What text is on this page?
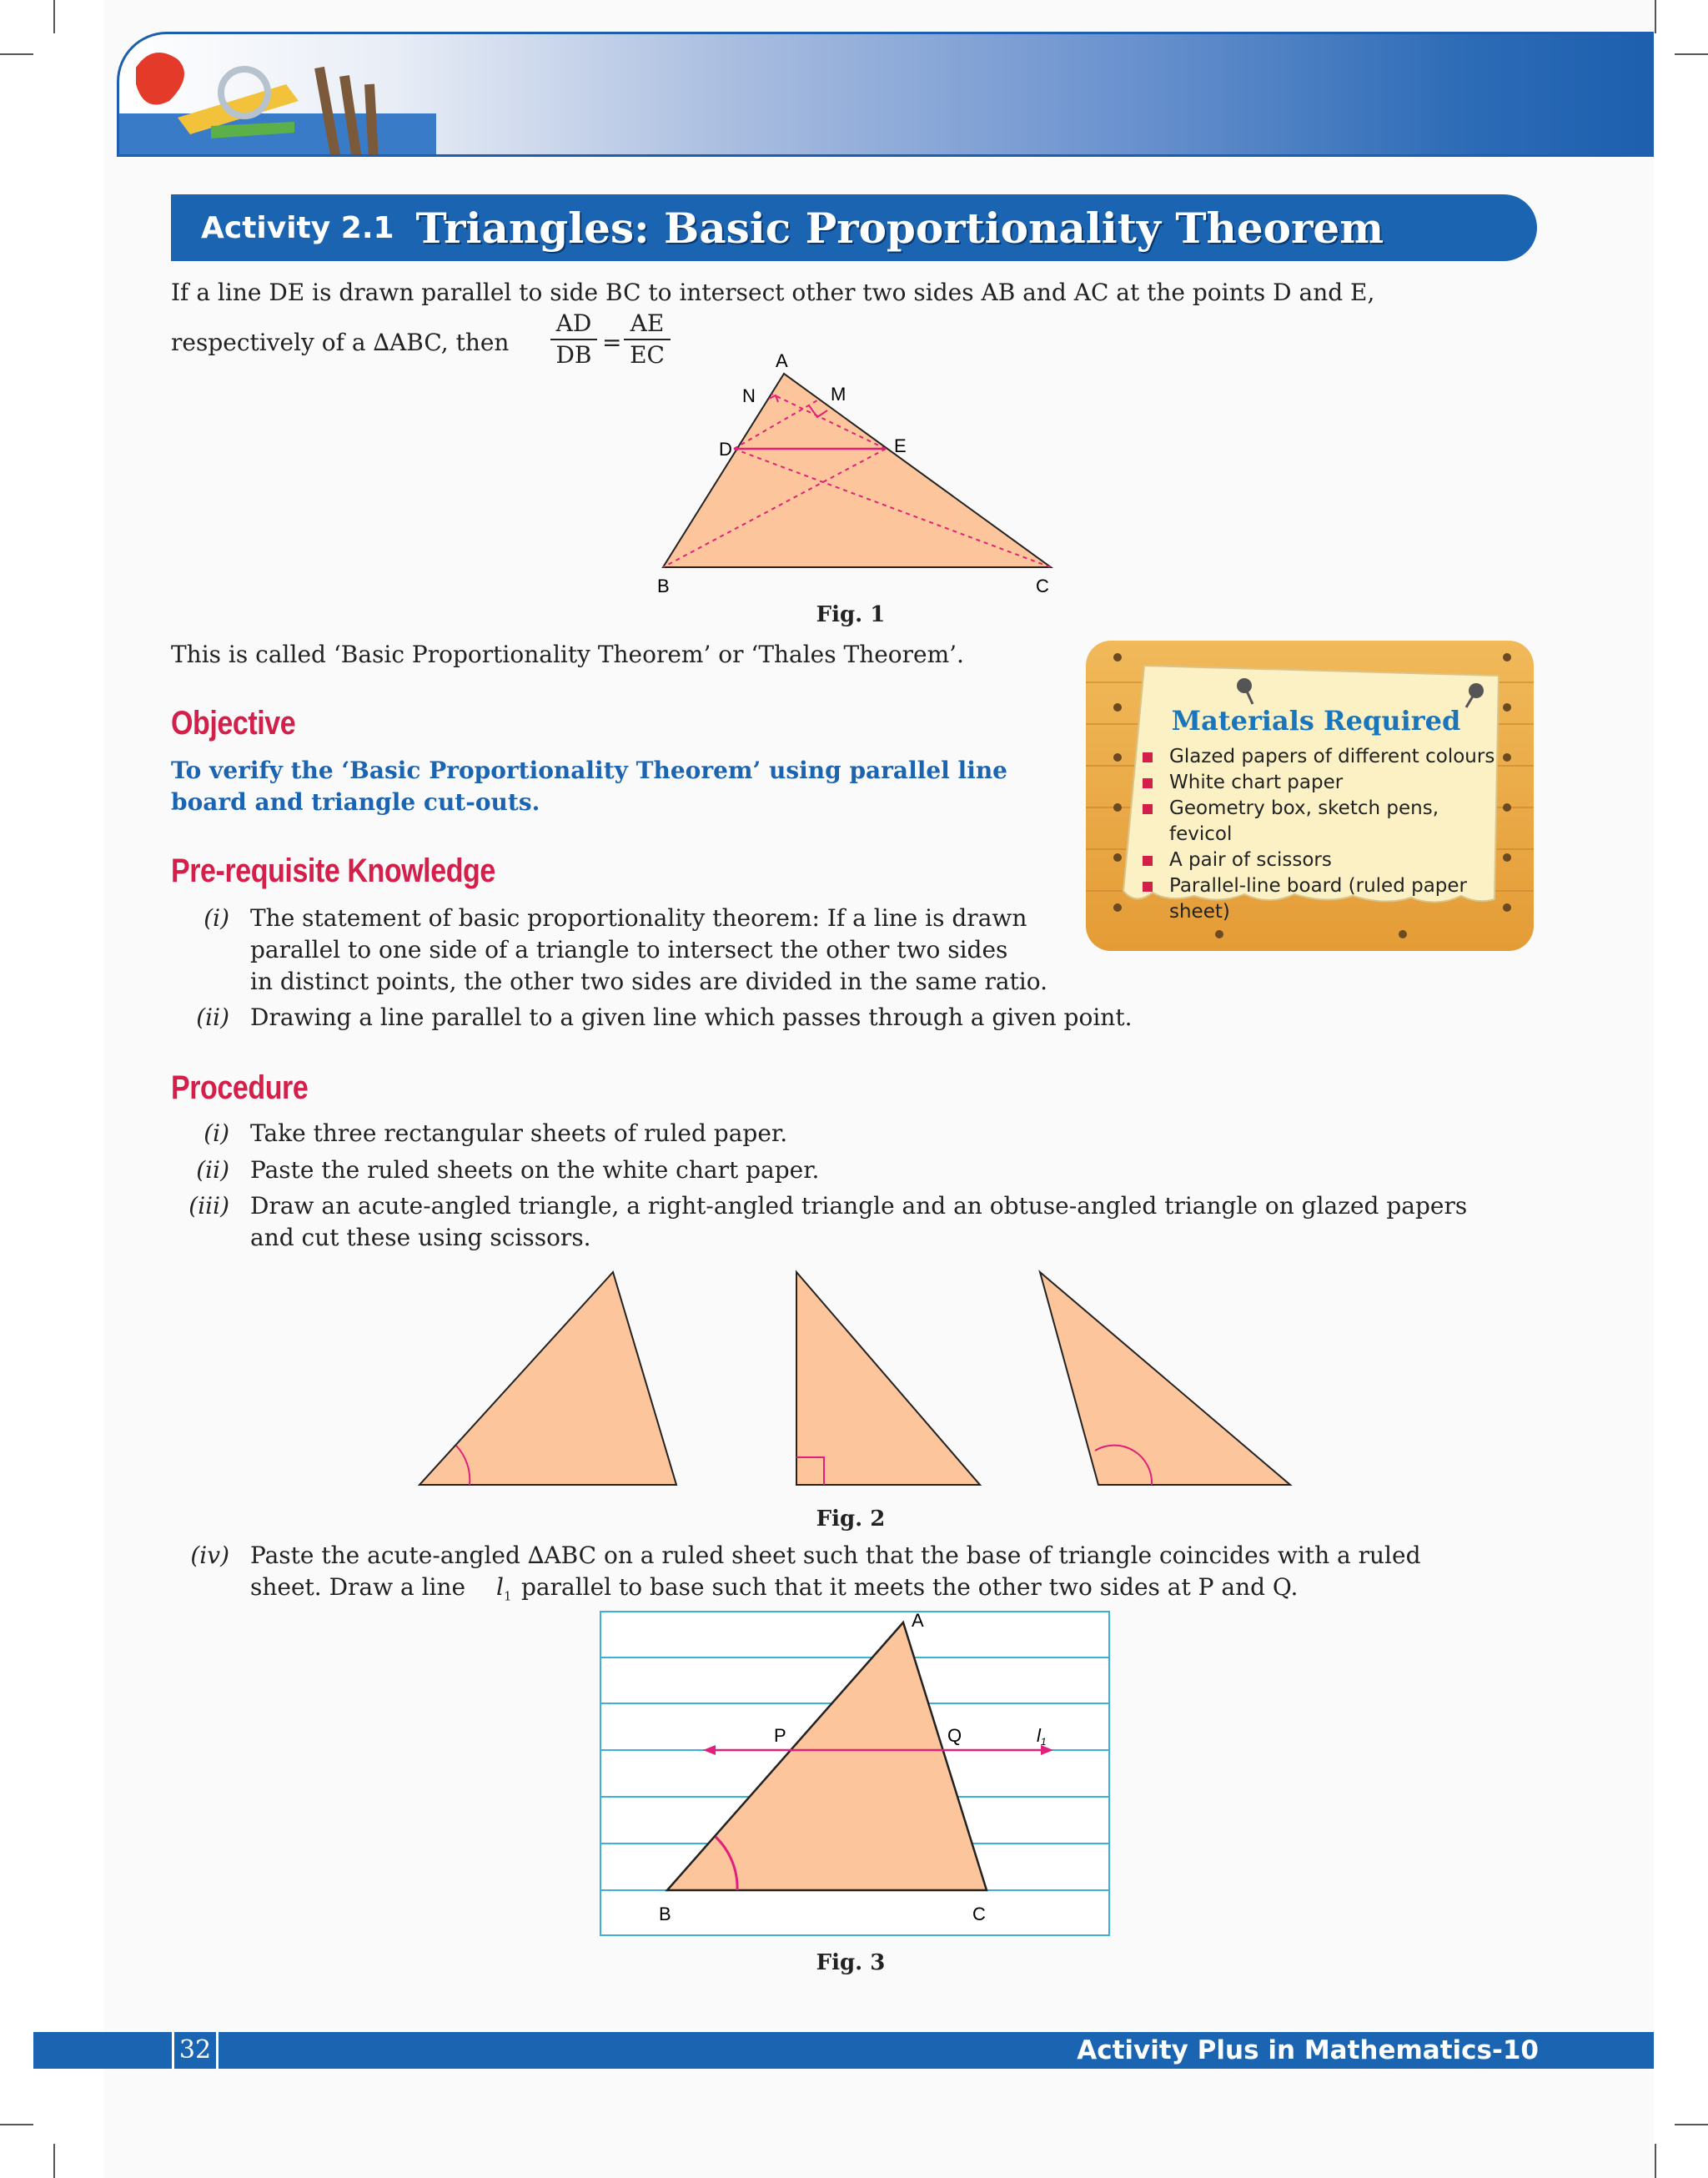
Activity 2.1 Triangles: Basic Proportionality Theorem
If a line DE is drawn parallel to side BC to intersect other two sides AB and AC at the points D and E,
respectively of a ∆ABC, then $\frac{AD}{DB} = \frac{AE}{EC}$	A
N	M
D	E
B	C
Fig. 1
This is called ‘Basic Proportionality Theorem’ or ‘Thales Theorem’.
Materials Required
Glazed papers of different colours
White chart paper
Geometry box, sketch pens, fevicol
A pair of scissors
Parallel-line board (ruled paper sheet)
Objective
To verify the ‘Basic Proportionality Theorem’ using parallel line board and triangle cut-outs.
Pre-requisite Knowledge
(i) The statement of basic proportionality theorem: If a line is drawn
parallel to one side of a triangle to intersect the other two sides
in distinct points, the other two sides are divided in the same ratio.
(ii) Drawing a line parallel to a given line which passes through a given point.
Procedure
(i) Take three rectangular sheets of ruled paper.
(ii) Paste the ruled sheets on the white chart paper.
(iii) Draw an acute-angled triangle, a right-angled triangle and an obtuse-angled triangle on glazed papers
and cut these using scissors.
Fig. 2
(iv) Paste the acute-angled ∆ABC on a ruled sheet such that the base of triangle coincides with a ruled
sheet. Draw a line $l_1$ parallel to base such that it meets the other two sides at P and Q.
A
P	Q	l1
B	C
Fig. 3
32	Activity Plus in Mathematics-10
